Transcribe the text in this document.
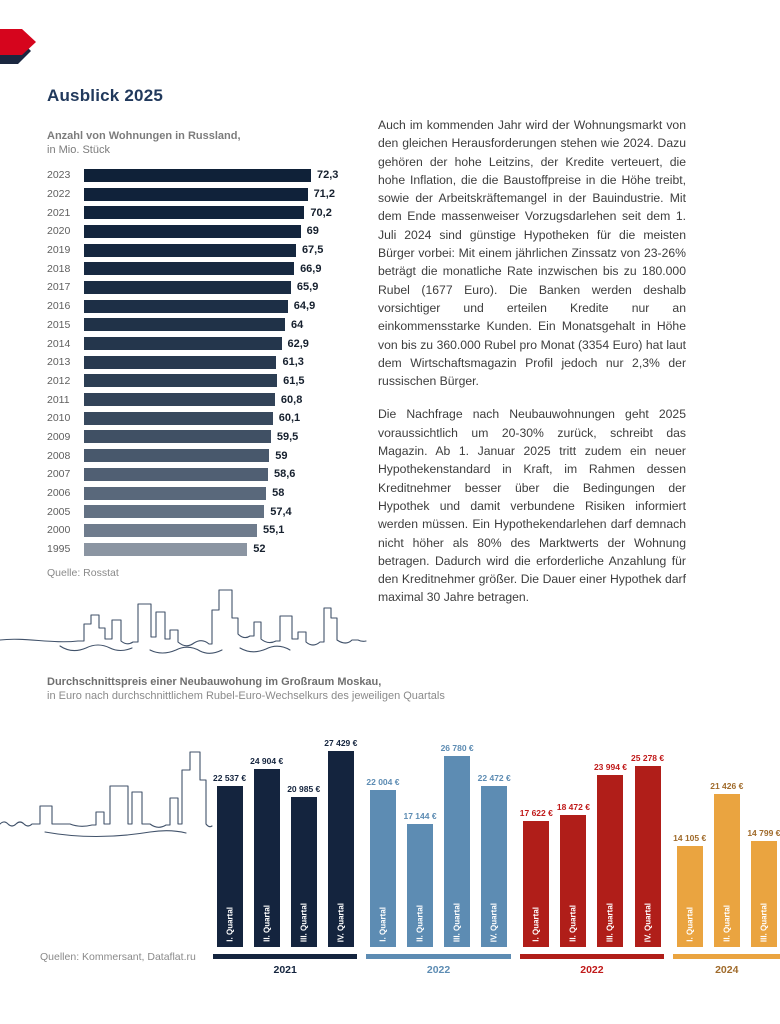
Ausblick 2025
Anzahl von Wohnungen in Russland,
in Mio. Stück
2023	72,3
2022	71,2
2021	70,2
2020	69
2019	67,5
2018	66,9
2017	65,9
2016	64,9
2015	64
2014	62,9
2013	61,3
2012	61,5
2011	60,8
2010	60,1
2009	59,5
2008	59
2007	58,6
2006	58
2005	57,4
2000	55,1
1995	52
Quelle: Rosstat

Auch im kommenden Jahr wird der Wohnungsmarkt von den gleichen Herausforderungen stehen wie 2024. Dazu gehören der hohe Leitzins, der Kredite verteuert, die hohe Inflation, die die Baustoffpreise in die Höhe treibt, sowie der Arbeitskräftemangel in der Bauindustrie. Mit dem Ende massenweiser Vorzugsdarlehen seit dem 1. Juli 2024 sind günstige Hypotheken für die meisten Bürger vorbei: Mit einem jährlichen Zinssatz von 23-26% beträgt die monatliche Rate inzwischen bis zu 180.000 Rubel (1677 Euro). Die Banken werden deshalb vorsichtiger und erteilen Kredite nur an einkommensstarke Kunden. Ein Monatsgehalt in Höhe von bis zu 360.000 Rubel pro Monat (3354 Euro) hat laut dem Wirtschaftsmagazin Profil jedoch nur 2,3% der russischen Bürger.

Die Nachfrage nach Neubauwohnungen geht 2025 voraussichtlich um 20-30% zurück, schreibt das Magazin. Ab 1. Januar 2025 tritt zudem ein neuer Hypothekenstandard in Kraft, im Rahmen dessen Kreditnehmer besser über die Bedingungen der Hypothek und damit verbundene Risiken informiert werden müssen. Ein Hypothekendarlehen darf demnach nicht höher als 80% des Marktwerts der Wohnung betragen. Dadurch wird die erforderliche Anzahlung für den Kreditnehmer größer. Die Dauer einer Hypothek darf maximal 30 Jahre betragen.

Durchschnittspreis einer Neubauwohung im Großraum Moskau,
in Euro nach durchschnittlichem Rubel-Euro-Wechselkurs des jeweiligen Quartals
22 537 €
I. Quartal
24 904 €
II. Quartal
20 985 €
III. Quartal
27 429 €
IV. Quartal
2021
22 004 €
I. Quartal
17 144 €
II. Quartal
26 780 €
III. Quartal
22 472 €
IV. Quartal
2022
17 622 €
I. Quartal
18 472 €
II. Quartal
23 994 €
III. Quartal
25 278 €
IV. Quartal
2022
14 105 €
I. Quartal
21 426 €
II. Quartal
14 799 €
III. Quartal
2024
Quellen: Kommersant, Dataflat.ru
